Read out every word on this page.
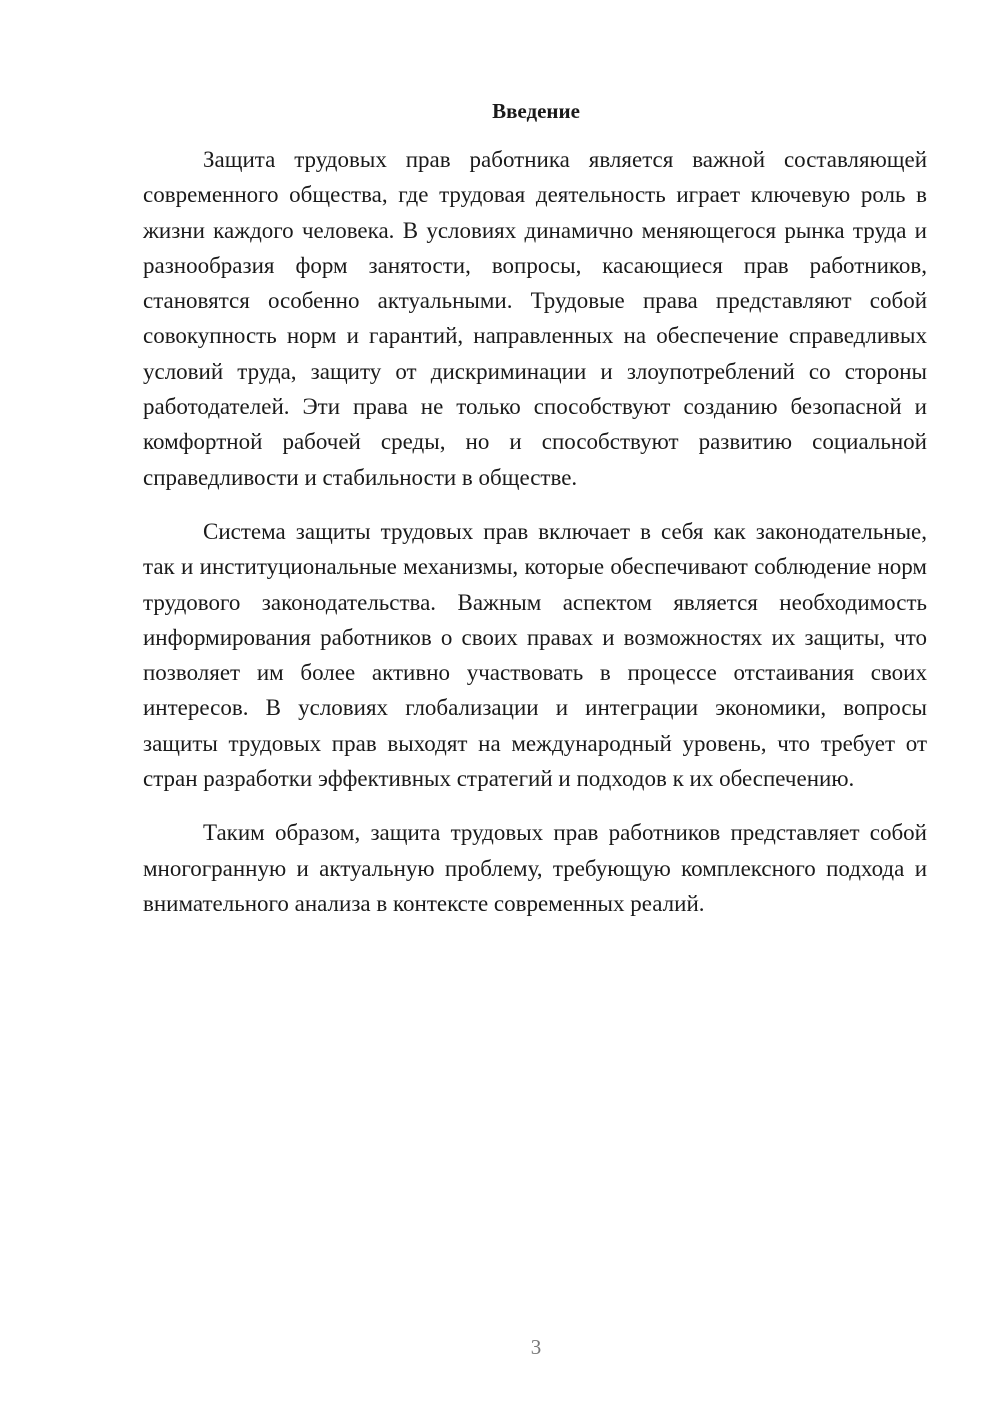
Введение

Защита трудовых прав работника является важной составляющей современного общества, где трудовая деятельность играет ключевую роль в жизни каждого человека. В условиях динамично меняющегося рынка труда и разнообразия форм занятости, вопросы, касающиеся прав работников, становятся особенно актуальными. Трудовые права представляют собой совокупность норм и гарантий, направленных на обеспечение справедливых условий труда, защиту от дискриминации и злоупотреблений со стороны работодателей. Эти права не только способствуют созданию безопасной и комфортной рабочей среды, но и способствуют развитию социальной справедливости и стабильности в обществе.

Система защиты трудовых прав включает в себя как законодательные, так и институциональные механизмы, которые обеспечивают соблюдение норм трудового законодательства. Важным аспектом является необходимость информирования работников о своих правах и возможностях их защиты, что позволяет им более активно участвовать в процессе отстаивания своих интересов. В условиях глобализации и интеграции экономики, вопросы защиты трудовых прав выходят на международный уровень, что требует от стран разработки эффективных стратегий и подходов к их обеспечению.

Таким образом, защита трудовых прав работников представляет собой многогранную и актуальную проблему, требующую комплексного подхода и внимательного анализа в контексте современных реалий.

3
